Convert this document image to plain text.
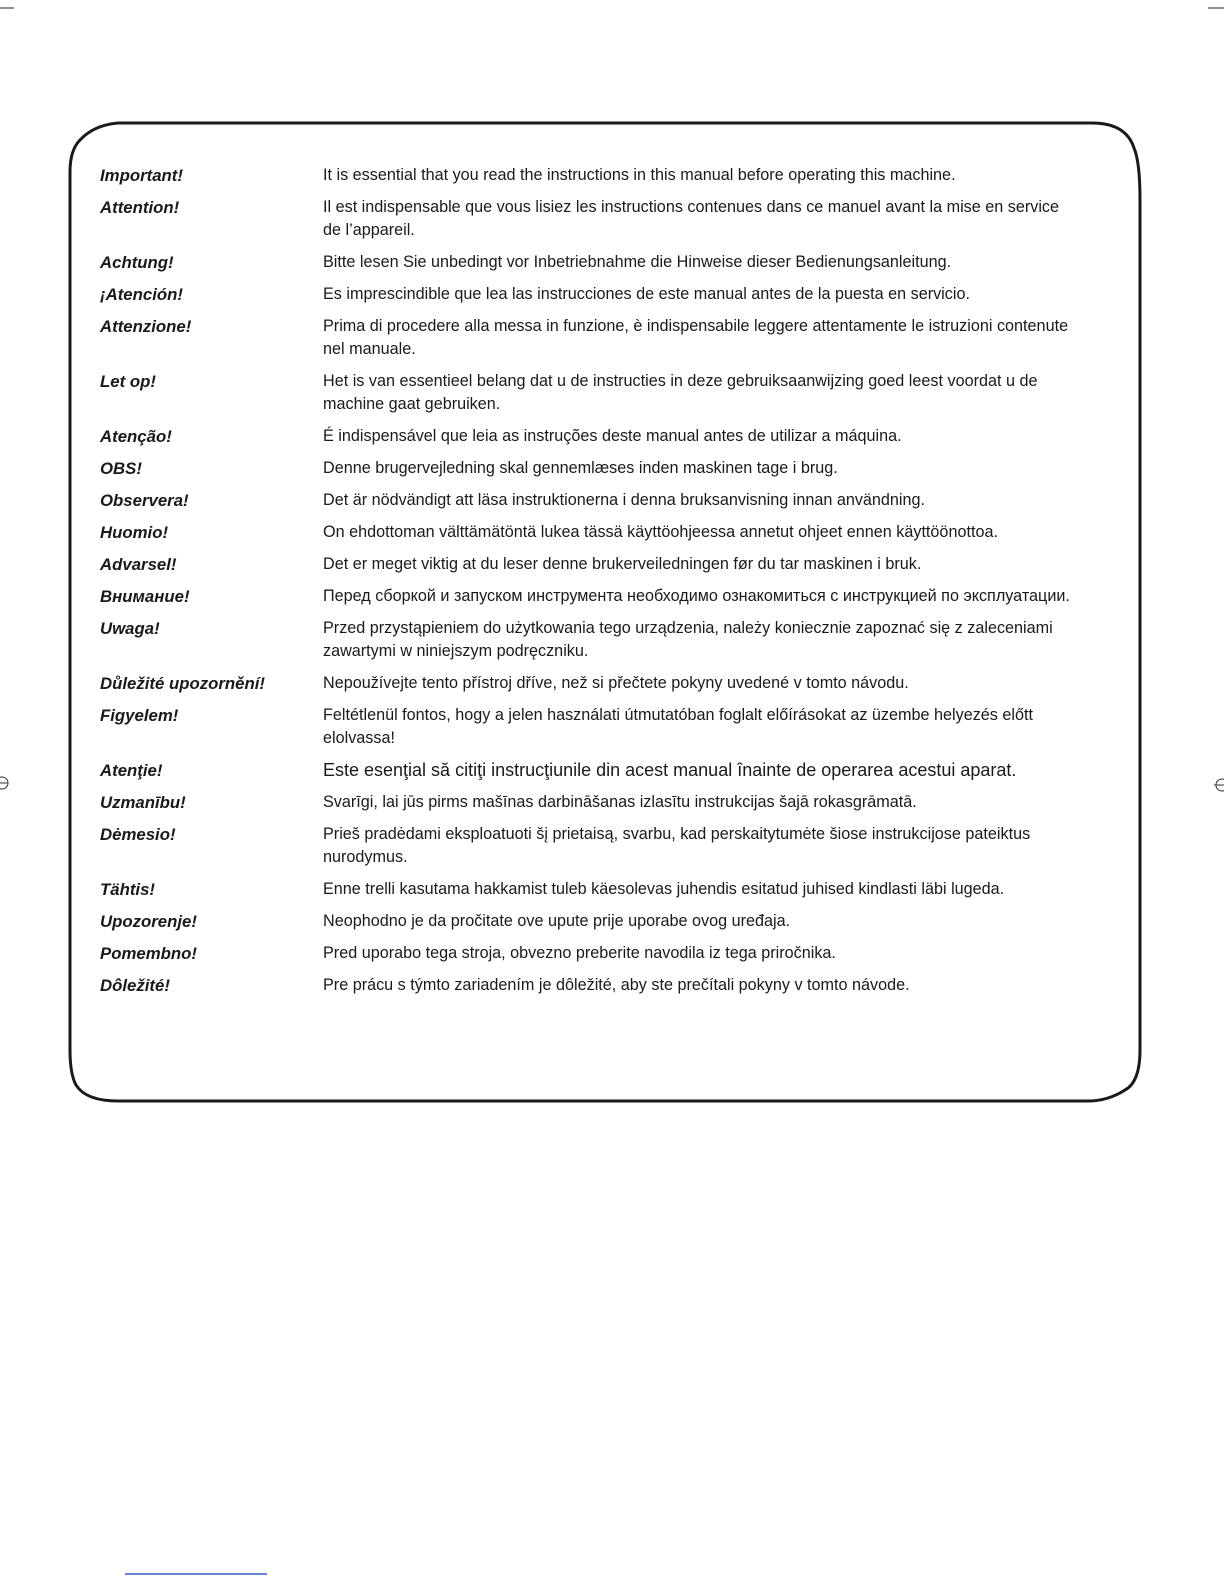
Important!	It is essential that you read the instructions in this manual before operating this machine.
Attention!	Il est indispensable que vous lisiez les instructions contenues dans ce manuel avant la mise en service
de l’appareil.
Achtung!	Bitte lesen Sie unbedingt vor Inbetriebnahme die Hinweise dieser Bedienungsanleitung.
¡Atención!	Es imprescindible que lea las instrucciones de este manual antes de la puesta en servicio.
Attenzione!	Prima di procedere alla messa in funzione, è indispensabile leggere attentamente le istruzioni contenute
nel manuale.
Let op!	Het is van essentieel belang dat u de instructies in deze gebruiksaanwijzing goed leest voordat u de
machine gaat gebruiken.
Atenção!	É indispensável que leia as instruções deste manual antes de utilizar a máquina.
OBS!	Denne brugervejledning skal gennemlæses inden maskinen tage i brug.
Observera!	Det är nödvändigt att läsa instruktionerna i denna bruksanvisning innan användning.
Huomio!	On ehdottoman välttämätöntä lukea tässä käyttöohjeessa annetut ohjeet ennen käyttöönottoa.
Advarsel!	Det er meget viktig at du leser denne brukerveiledningen før du tar maskinen i bruk.
Внимание!	Перед сборкой и запуском инструмента необходимо ознакомиться с инструкцией по эксплуатации.
Uwaga!	Przed przystąpieniem do użytkowania tego urządzenia, należy koniecznie zapoznać się z zaleceniami
zawartymi w niniejszym podręczniku.
Důležité upozornění!	Nepoužívejte tento přístroj dříve, než si přečtete pokyny uvedené v tomto návodu.
Figyelem!	Feltétlenül fontos, hogy a jelen használati útmutatóban foglalt előírásokat az üzembe helyezés előtt
elolvassa!
Atenţie!	Este esenţial să citiţi instrucţiunile din acest manual înainte de operarea acestui aparat.
Uzmanību!	Svarīgi, lai jūs pirms mašīnas darbināšanas izlasītu instrukcijas šajā rokasgrāmatā.
Dėmesio!	Prieš pradėdami eksploatuoti šį prietaisą, svarbu, kad perskaitytumėte šiose instrukcijose pateiktus
nurodymus.
Tähtis!	Enne trelli kasutama hakkamist tuleb käesolevas juhendis esitatud juhised kindlasti läbi lugeda.
Upozorenje!	Neophodno je da pročitate ove upute prije uporabe ovog uređaja.
Pomembno!	Pred uporabo tega stroja, obvezno preberite navodila iz tega priročnika.
Dôležité!	Pre prácu s týmto zariadením je dôležité, aby ste prečítali pokyny v tomto návode.
